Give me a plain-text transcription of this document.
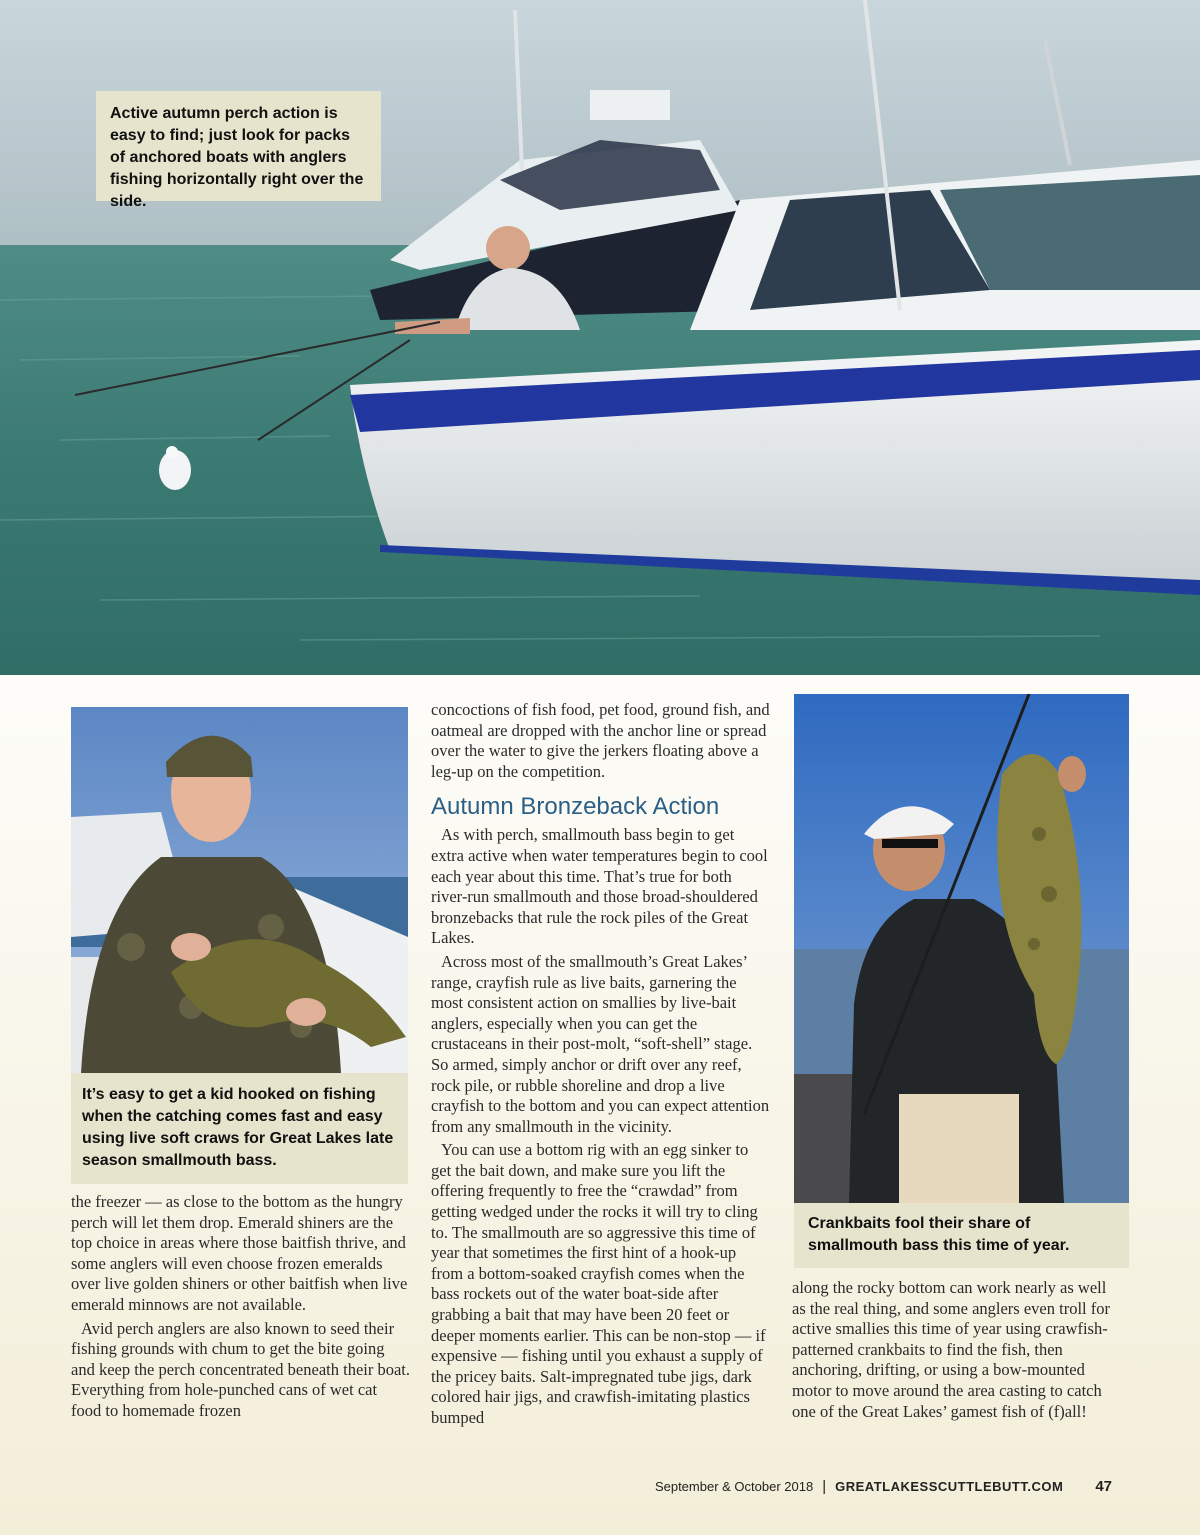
Active autumn perch action is easy to find; just look for packs of anchored boats with anglers fishing horizontally right over the side.
It’s easy to get a kid hooked on fishing when the catching comes fast and easy using live soft craws for Great Lakes late season smallmouth bass.
Crankbaits fool their share of smallmouth bass this time of year.

the freezer — as close to the bottom as the hungry perch will let them drop. Emerald shiners are the top choice in areas where those baitfish thrive, and some anglers will even choose frozen emeralds over live golden shiners or other baitfish when live emerald minnows are not available.

Avid perch anglers are also known to seed their fishing grounds with chum to get the bite going and keep the perch concentrated beneath their boat. Everything from hole-punched cans of wet cat food to homemade frozen

concoctions of fish food, pet food, ground fish, and oatmeal are dropped with the anchor line or spread over the water to give the jerkers floating above a leg-up on the competition.

Autumn Bronzeback Action

As with perch, smallmouth bass begin to get extra active when water temperatures begin to cool each year about this time. That’s true for both river-run smallmouth and those broad-shouldered bronzebacks that rule the rock piles of the Great Lakes.

Across most of the smallmouth’s Great Lakes’ range, crayfish rule as live baits, garnering the most consistent action on smallies by live-bait anglers, especially when you can get the crustaceans in their post-molt, “soft-shell” stage. So armed, simply anchor or drift over any reef, rock pile, or rubble shoreline and drop a live crayfish to the bottom and you can expect attention from any smallmouth in the vicinity.

You can use a bottom rig with an egg sinker to get the bait down, and make sure you lift the offering frequently to free the “crawdad” from getting wedged under the rocks it will try to cling to. The smallmouth are so aggressive this time of year that sometimes the first hint of a hook-up from a bottom-soaked crayfish comes when the bass rockets out of the water boat-side after grabbing a bait that may have been 20 feet or deeper moments earlier. This can be non-stop — if expensive — fishing until you exhaust a supply of the pricey baits. Salt-impregnated tube jigs, dark colored hair jigs, and crawfish-imitating plastics bumped

along the rocky bottom can work nearly as well as the real thing, and some anglers even troll for active smallies this time of year using crawfish-patterned crankbaits to find the fish, then anchoring, drifting, or using a bow-mounted motor to move around the area casting to catch one of the Great Lakes’ gamest fish of (f)all!

September & October 2018 | GREATLAKESSCUTTLEBUTT.COM 47
